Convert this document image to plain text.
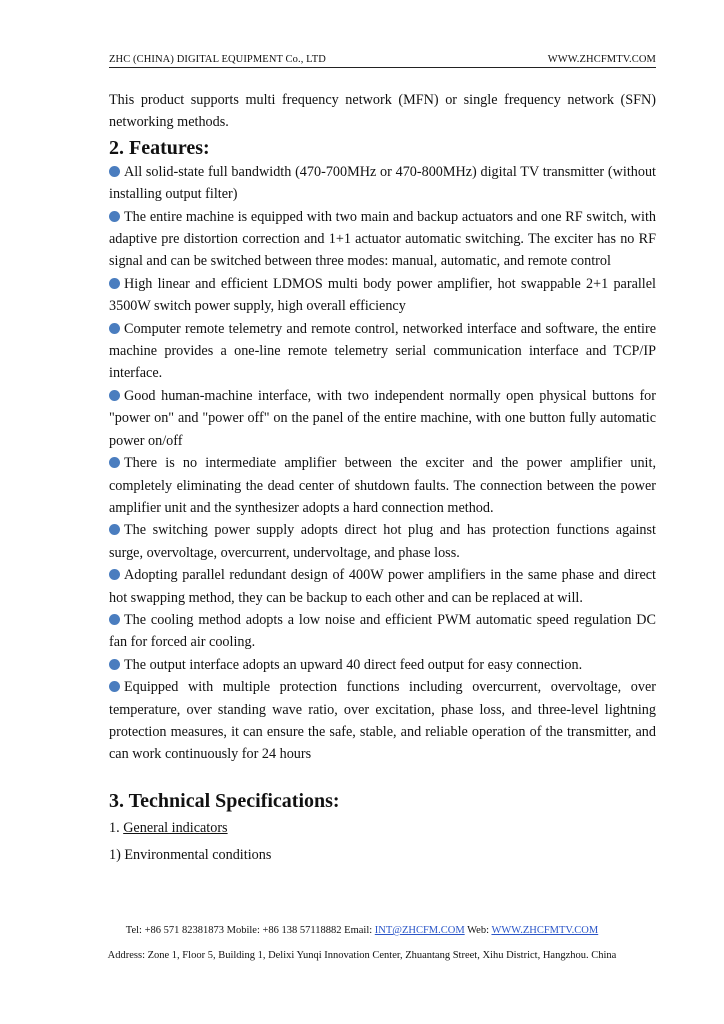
ZHC (CHINA) DIGITAL EQUIPMENT Co., LTD	WWW.ZHCFMTV.COM

This product supports multi frequency network (MFN) or single frequency network (SFN) networking methods.

2. Features:

All solid-state full bandwidth (470-700MHz or 470-800MHz) digital TV transmitter (without installing output filter)

The entire machine is equipped with two main and backup actuators and one RF switch, with adaptive pre distortion correction and 1+1 actuator automatic switching. The exciter has no RF signal and can be switched between three modes: manual, automatic, and remote control

High linear and efficient LDMOS multi body power amplifier, hot swappable 2+1 parallel 3500W switch power supply, high overall efficiency

Computer remote telemetry and remote control, networked interface and software, the entire machine provides a one-line remote telemetry serial communication interface and TCP/IP interface.

Good human-machine interface, with two independent normally open physical buttons for "power on" and "power off" on the panel of the entire machine, with one button fully automatic power on/off

There is no intermediate amplifier between the exciter and the power amplifier unit, completely eliminating the dead center of shutdown faults. The connection between the power amplifier unit and the synthesizer adopts a hard connection method.

The switching power supply adopts direct hot plug and has protection functions against surge, overvoltage, overcurrent, undervoltage, and phase loss.

Adopting parallel redundant design of 400W power amplifiers in the same phase and direct hot swapping method, they can be backup to each other and can be replaced at will.

The cooling method adopts a low noise and efficient PWM automatic speed regulation DC fan for forced air cooling.

The output interface adopts an upward 40 direct feed output for easy connection.

Equipped with multiple protection functions including overcurrent, overvoltage, over temperature, over standing wave ratio, over excitation, phase loss, and three-level lightning protection measures, it can ensure the safe, stable, and reliable operation of the transmitter, and can work continuously for 24 hours

3. Technical Specifications:

1. General indicators

1) Environmental conditions

Tel: +86 571 82381873 Mobile: +86 138 57118882 Email: INT@ZHCFM.COM Web: WWW.ZHCFMTV.COM
Address: Zone 1, Floor 5, Building 1, Delixi Yunqi Innovation Center, Zhuantang Street, Xihu District, Hangzhou. China
